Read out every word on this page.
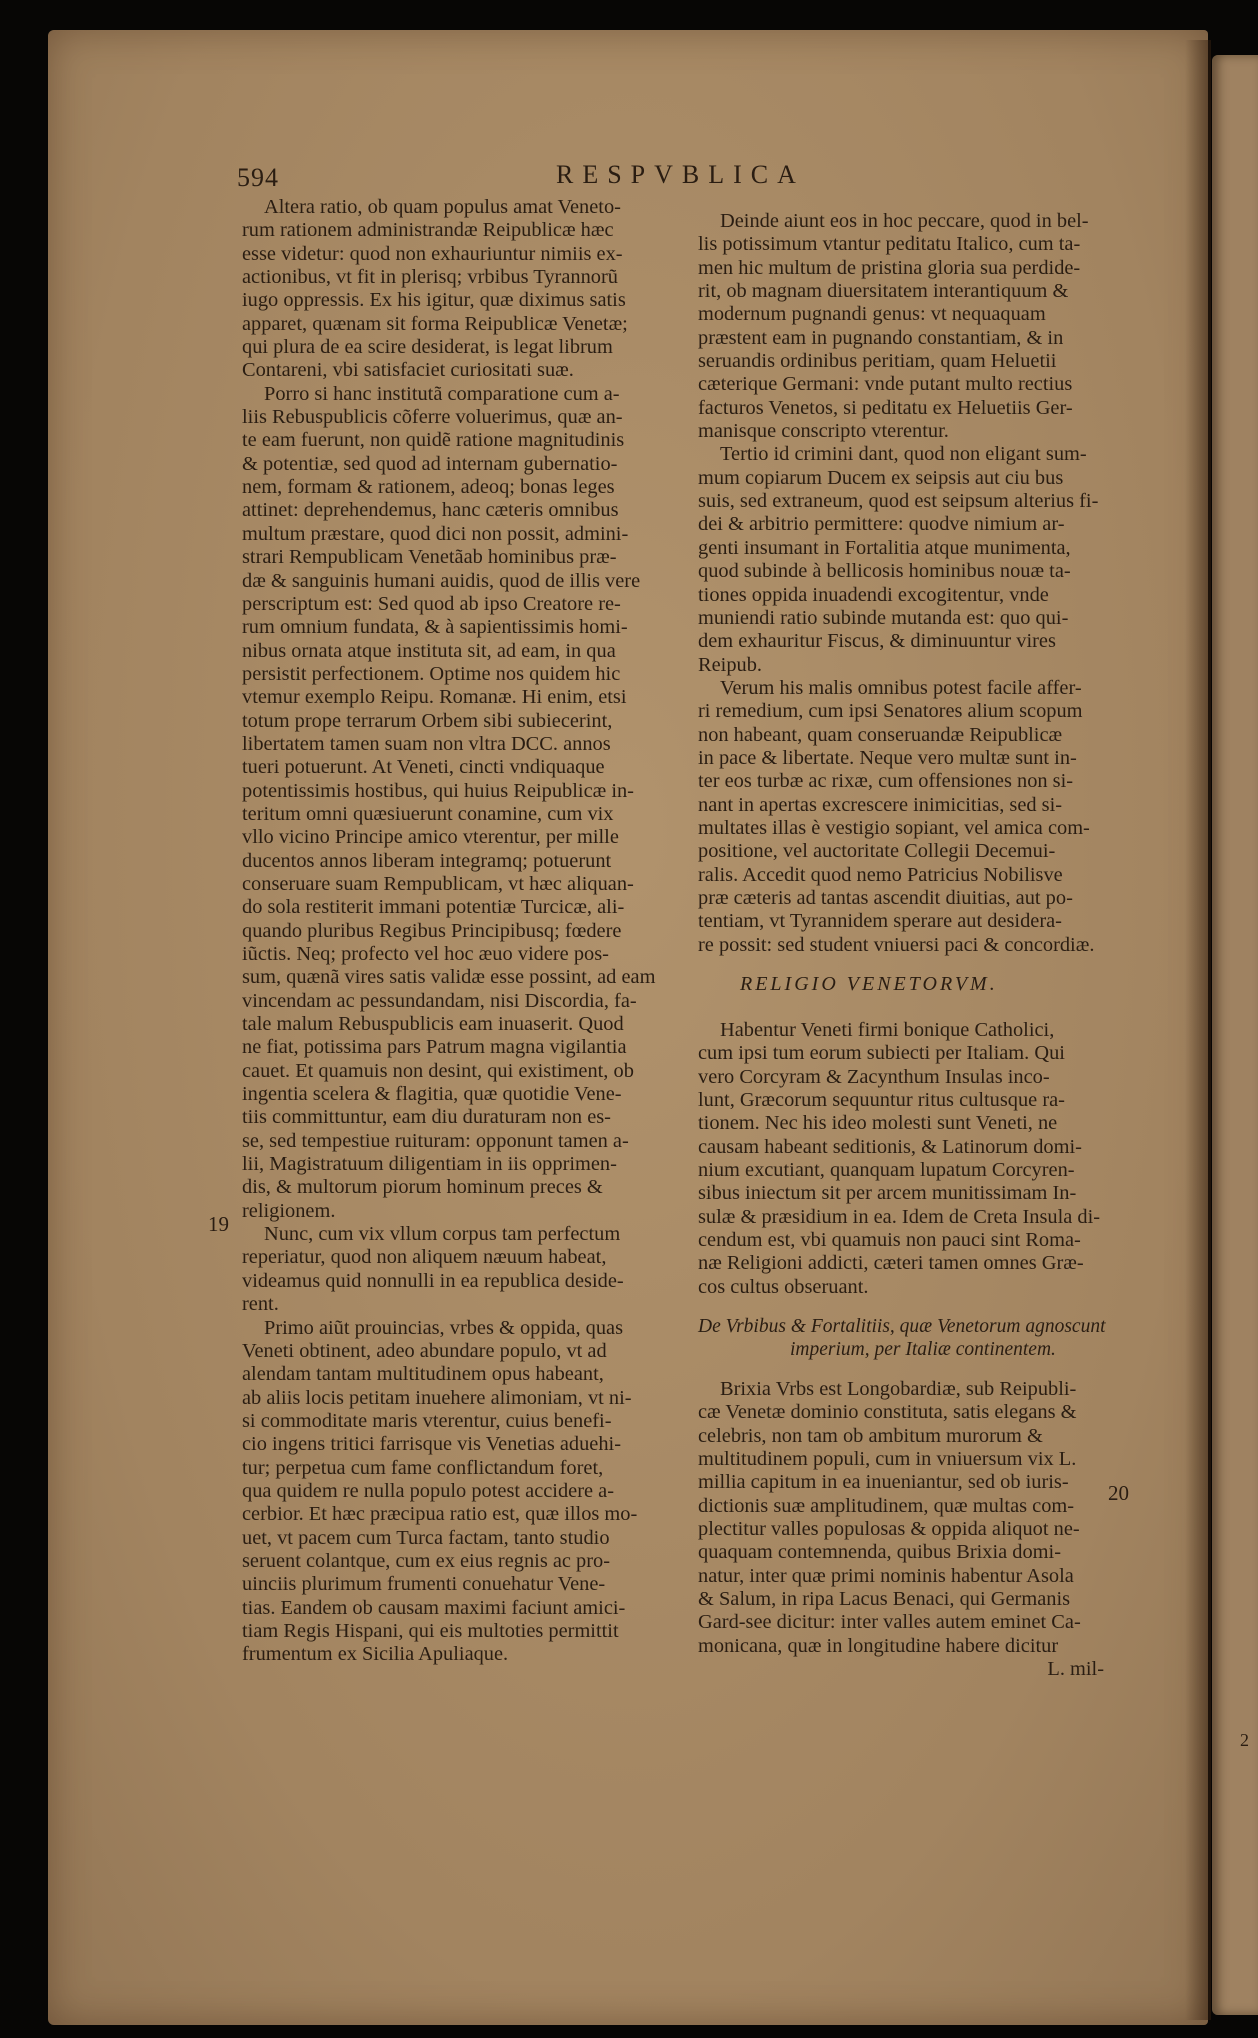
2
594	RESPVBLICA
19
20
Altera ratio, ob quam populus amat Veneto-
rum rationem administrandæ Reipublicæ hæc
esse videtur: quod non exhauriuntur nimiis ex-
actionibus, vt fit in plerisq; vrbibus Tyrannorũ
iugo oppressis. Ex his igitur, quæ diximus satis
apparet, quænam sit forma Reipublicæ Venetæ;
qui plura de ea scire desiderat, is legat librum
Contareni, vbi satisfaciet curiositati suæ.
Porro si hanc institutã comparatione cum a-
liis Rebuspublicis cõferre voluerimus, quæ an-
te eam fuerunt, non quidẽ ratione magnitudinis
& potentiæ, sed quod ad internam gubernatio-
nem, formam & rationem, adeoq; bonas leges
attinet: deprehendemus, hanc cæteris omnibus
multum præstare, quod dici non possit, admini-
strari Rempublicam Venetãab hominibus præ-
dæ & sanguinis humani auidis, quod de illis vere
perscriptum est: Sed quod ab ipso Creatore re-
rum omnium fundata, & à sapientissimis homi-
nibus ornata atque instituta sit, ad eam, in qua
persistit perfectionem. Optime nos quidem hic
vtemur exemplo Reipu. Romanæ. Hi enim, etsi
totum prope terrarum Orbem sibi subiecerint,
libertatem tamen suam non vltra DCC. annos
tueri potuerunt. At Veneti, cincti vndiquaque
potentissimis hostibus, qui huius Reipublicæ in-
teritum omni quæsiuerunt conamine, cum vix
vllo vicino Principe amico vterentur, per mille
ducentos annos liberam integramq; potuerunt
conseruare suam Rempublicam, vt hæc aliquan-
do sola restiterit immani potentiæ Turcicæ, ali-
quando pluribus Regibus Principibusq; fœdere
iũctis. Neq; profecto vel hoc æuo videre pos-
sum, quænã vires satis validæ esse possint, ad eam
vincendam ac pessundandam, nisi Discordia, fa-
tale malum Rebuspublicis eam inuaserit. Quod
ne fiat, potissima pars Patrum magna vigilantia
cauet. Et quamuis non desint, qui existiment, ob
ingentia scelera & flagitia, quæ quotidie Vene-
tiis committuntur, eam diu duraturam non es-
se, sed tempestiue ruituram: opponunt tamen a-
lii, Magistratuum diligentiam in iis opprimen-
dis, & multorum piorum hominum preces &
religionem.
Nunc, cum vix vllum corpus tam perfectum
reperiatur, quod non aliquem næuum habeat,
videamus quid nonnulli in ea republica deside-
rent.
Primo aiũt prouincias, vrbes & oppida, quas
Veneti obtinent, adeo abundare populo, vt ad
alendam tantam multitudinem opus habeant,
ab aliis locis petitam inuehere alimoniam, vt ni-
si commoditate maris vterentur, cuius benefi-
cio ingens tritici farrisque vis Venetias aduehi-
tur; perpetua cum fame conflictandum foret,
qua quidem re nulla populo potest accidere a-
cerbior. Et hæc præcipua ratio est, quæ illos mo-
uet, vt pacem cum Turca factam, tanto studio
seruent colantque, cum ex eius regnis ac pro-
uinciis plurimum frumenti conuehatur Vene-
tias. Eandem ob causam maximi faciunt amici-
tiam Regis Hispani, qui eis multoties permittit
frumentum ex Sicilia Apuliaque.
Deinde aiunt eos in hoc peccare, quod in bel-
lis potissimum vtantur peditatu Italico, cum ta-
men hic multum de pristina gloria sua perdide-
rit, ob magnam diuersitatem interantiquum &
modernum pugnandi genus: vt nequaquam
præstent eam in pugnando constantiam, & in
seruandis ordinibus peritiam, quam Heluetii
cæterique Germani: vnde putant multo rectius
facturos Venetos, si peditatu ex Heluetiis Ger-
manisque conscripto vterentur.
Tertio id crimini dant, quod non eligant sum-
mum copiarum Ducem ex seipsis aut ciu bus
suis, sed extraneum, quod est seipsum alterius fi-
dei & arbitrio permittere: quodve nimium ar-
genti insumant in Fortalitia atque munimenta,
quod subinde à bellicosis hominibus nouæ ta-
tiones oppida inuadendi excogitentur, vnde
muniendi ratio subinde mutanda est: quo qui-
dem exhauritur Fiscus, & diminuuntur vires
Reipub.
Verum his malis omnibus potest facile affer-
ri remedium, cum ipsi Senatores alium scopum
non habeant, quam conseruandæ Reipublicæ
in pace & libertate. Neque vero multæ sunt in-
ter eos turbæ ac rixæ, cum offensiones non si-
nant in apertas excrescere inimicitias, sed si-
multates illas è vestigio sopiant, vel amica com-
positione, vel auctoritate Collegii Decemui-
ralis. Accedit quod nemo Patricius Nobilisve
præ cæteris ad tantas ascendit diuitias, aut po-
tentiam, vt Tyrannidem sperare aut desidera-
re possit: sed student vniuersi paci & concordiæ.
RELIGIO VENETORVM.
Habentur Veneti firmi bonique Catholici,
cum ipsi tum eorum subiecti per Italiam. Qui
vero Corcyram & Zacynthum Insulas inco-
lunt, Græcorum sequuntur ritus cultusque ra-
tionem. Nec his ideo molesti sunt Veneti, ne
causam habeant seditionis, & Latinorum domi-
nium excutiant, quanquam lupatum Corcyren-
sibus iniectum sit per arcem munitissimam In-
sulæ & præsidium in ea. Idem de Creta Insula di-
cendum est, vbi quamuis non pauci sint Roma-
næ Religioni addicti, cæteri tamen omnes Græ-
cos cultus obseruant.
De Vrbibus & Fortalitiis, quæ Venetorum agnoscunt
imperium, per Italiæ continentem.
Brixia Vrbs est Longobardiæ, sub Reipubli-
cæ Venetæ dominio constituta, satis elegans &
celebris, non tam ob ambitum murorum &
multitudinem populi, cum in vniuersum vix L.
millia capitum in ea inueniantur, sed ob iuris-
dictionis suæ amplitudinem, quæ multas com-
plectitur valles populosas & oppida aliquot ne-
quaquam contemnenda, quibus Brixia domi-
natur, inter quæ primi nominis habentur Asola
& Salum, in ripa Lacus Benaci, qui Germanis
Gard-see dicitur: inter valles autem eminet Ca-
monicana, quæ in longitudine habere dicitur
L. mil-
